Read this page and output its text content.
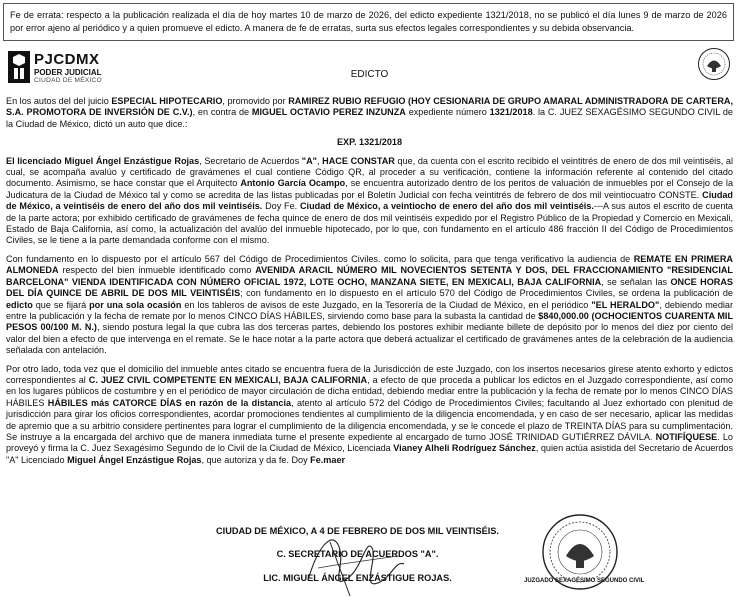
Fe de errata: respecto a la publicación realizada el día de hoy martes 10 de marzo de 2026, del edicto expediente 1321/2018, no se publicó el día lunes 9 de marzo de 2026 por error ajeno al periódico y a quien promueve el edicto. A manera de fe de erratas, surta sus efectos legales correspondientes y su debida observancia.
PJCDMX
PODER JUDICIAL
CIUDAD DE MÉXICO
EDICTO

En los autos del del juicio ESPECIAL HIPOTECARIO, promovido por RAMIREZ RUBIO REFUGIO (HOY CESIONARIA DE GRUPO AMARAL ADMINISTRADORA DE CARTERA, S.A. PROMOTORA DE INVERSIÓN DE C.V.), en contra de MIGUEL OCTAVIO PEREZ INZUNZA expediente número 1321/2018. la C. JUEZ SEXAGÉSIMO SEGUNDO CIVIL de la Ciudad de México, dictó un auto que dice.:

EXP. 1321/2018

El licenciado Miguel Ángel Enzástigue Rojas, Secretario de Acuerdos "A", HACE CONSTAR que, da cuenta con el escrito recibido el veintitrés de enero de dos mil veintiséis, al cual, se acompaña avalúo y certificado de gravámenes el cual contiene Código QR, al proceder a su verificación, contiene la información referente al contenido del citado documento. Asimismo, se hace constar que el Arquitecto Antonio García Ocampo, se encuentra autorizado dentro de los peritos de valuación de inmuebles por el Consejo de la Judicatura de la Ciudad de México tal y como se acredita de las listas publicadas por el Boletín Judicial con fecha veintitrés de febrero de dos mil veintiocuatro CONSTE. Ciudad de México, a veintiséis de enero del año dos mil veintiséis. Doy Fe. Ciudad de México, a veintiocho de enero del año dos mil veintiséis.---A sus autos el escrito de cuenta de la parte actora; por exhibido certificado de gravámenes de fecha quince de enero de dos mil veintiséis expedido por el Registro Público de la Propiedad y Comercio en Mexicali, Estado de Baja California, así como, la actualización del avalúo del inmueble hipotecado, por lo que, con fundamento en el artículo 486 fracción II del Código de Procedimientos Civiles, se le tiene a la parte demandada conforme con el mismo.

Con fundamento en lo dispuesto por el artículo 567 del Código de Procedimientos Civiles. como lo solicita, para que tenga verificativo la audiencia de REMATE EN PRIMERA ALMONEDA respecto del bien inmueble identificado como AVENIDA ARACIL NÚMERO MIL NOVECIENTOS SETENTA Y DOS, DEL FRACCIONAMIENTO "RESIDENCIAL BARCELONA" VIENDA IDENTIFICADA CON NÚMERO OFICIAL 1972, LOTE OCHO, MANZANA SIETE, EN MEXICALI, BAJA CALIFORNIA, se señalan las ONCE HORAS DEL DÍA QUINCE DE ABRIL DE DOS MIL VEINTISÉIS; con fundamento en lo dispuesto en el artículo 570 del Código de Procedimientos Civiles, se ordena la publicación de edicto que se fijará por una sola ocasión en los tableros de avisos de este Juzgado, en la Tesorería de la Ciudad de México, en el periódico "EL HERALDO", debiendo mediar entre la publicación y la fecha de remate por lo menos CINCO DÍAS HÁBILES, sirviendo como base para la subasta la cantidad de $840,000.00 (OCHOCIENTOS CUARENTA MIL PESOS 00/100 M. N.), siendo postura legal la que cubra las dos terceras partes, debiendo los postores exhibir mediante billete de depósito por lo menos del diez por ciento del valor del bien a efecto de que intervenga en el remate. Se le hace notar a la parte actora que deberá actualizar el certificado de gravámenes antes de la celebración de la audiencia señalada con antelación.

Por otro lado, toda vez que el domicilio del inmueble antes citado se encuentra fuera de la Jurisdicción de este Juzgado, con los insertos necesarios gírese atento exhorto y edictos correspondientes al C. JUEZ CIVIL COMPETENTE EN MEXICALI, BAJA CALIFORNIA, a efecto de que proceda a publicar los edictos en el Juzgado correspondiente, así como en los lugares públicos de costumbre y en el periódico de mayor circulación de dicha entidad, debiendo mediar entre la publicación y la fecha de remate por lo menos CINCO DÍAS HÁBILES HÁBILES más CATORCE DÍAS en razón de la distancia, atento al artículo 572 del Código de Procedimientos Civiles; facultando al Juez exhortado con plenitud de jurisdicción para girar los oficios correspondientes, acordar promociones tendientes al cumplimiento de la diligencia encomendada, y en caso de ser necesario, aplicar las medidas de apremio que a su arbitrio considere pertinentes para lograr el cumplimiento de la diligencia encomendada, y se le concede el plazo de TREINTA DÍAS para su cumplimentación. Se instruye a la encargada del archivo que de manera inmediata turne el presente expediente al encargado de turno JOSÉ TRINIDAD GUTIÉRREZ DÁVILA. NOTIFÍQUESE. Lo proveyó y firma la C. Juez Sexagésimo Segundo de lo Civil de la Ciudad de México, Licenciada Vianey Alheli Rodríguez Sánchez, quien actúa asistida del Secretario de Acuerdos "A" Licenciado Miguel Ángel Enzástigue Rojas, que autoriza y da fe. Doy Fe.maer

CIUDAD DE MÉXICO, A 4 DE FEBRERO DE DOS MIL VEINTISÉIS.
C. SECRETARIO DE ACUERDOS "A".
LIC. MIGUEL ÁNGEL ENZÁSTIGUE ROJAS.	JUZGADO SEXAGÉSIMO SEGUNDO CIVIL
